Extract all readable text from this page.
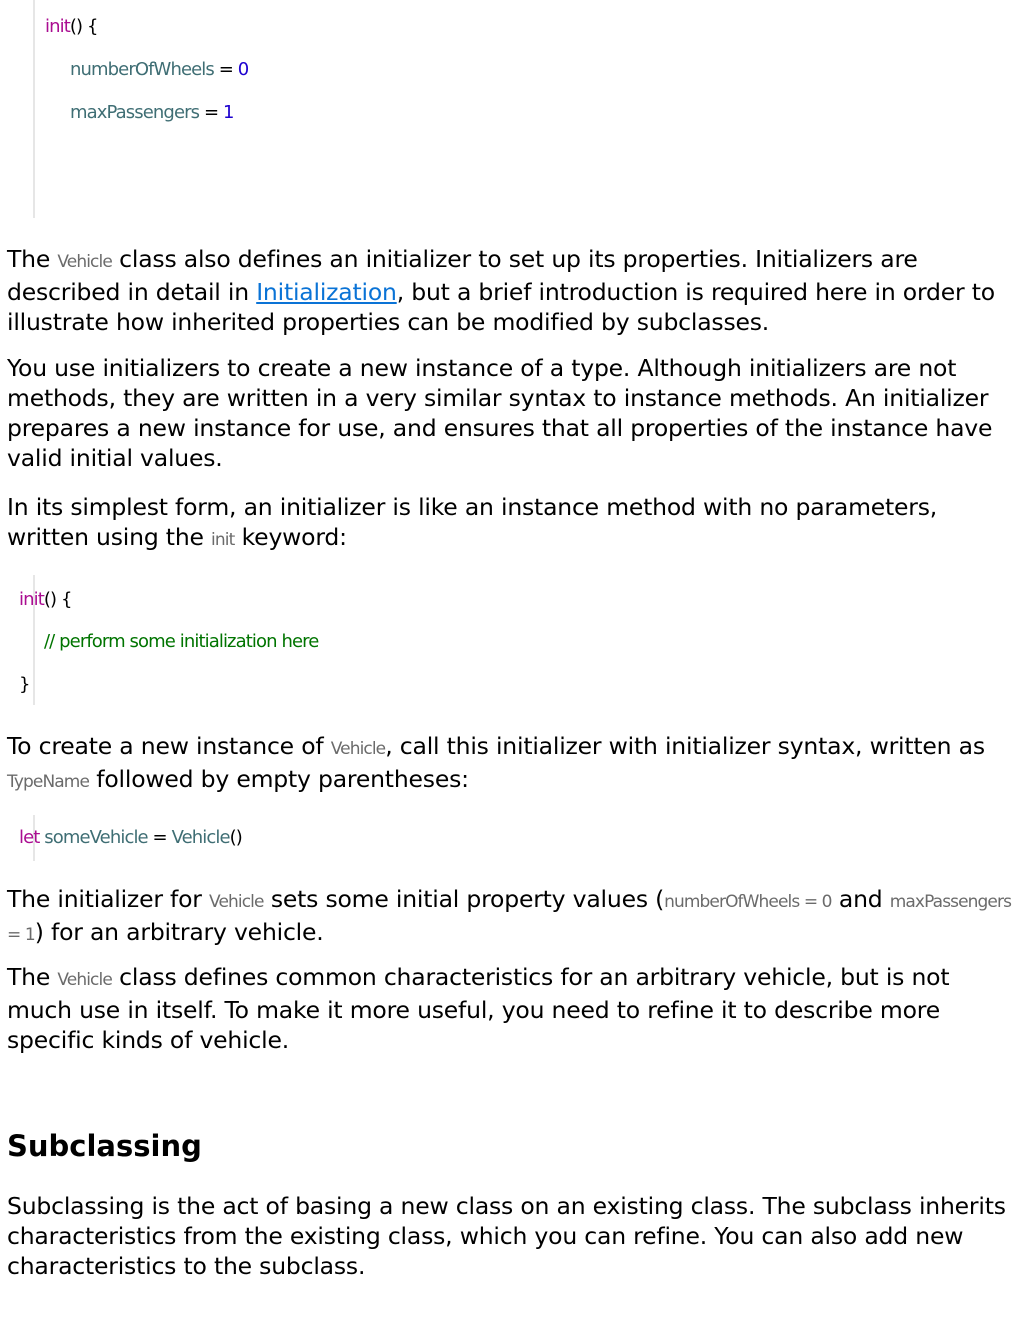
init() {
numberOfWheels = 0
maxPassengers = 1

The Vehicle class also defines an initializer to set up its properties. Initializers are described in detail in Initialization, but a brief introduction is required here in order to illustrate how inherited properties can be modified by subclasses.

You use initializers to create a new instance of a type. Although initializers are not methods, they are written in a very similar syntax to instance methods. An initializer prepares a new instance for use, and ensures that all properties of the instance have valid initial values.

In its simplest form, an initializer is like an instance method with no parameters, written using the init keyword:

init() {
// perform some initialization here
}

To create a new instance of Vehicle, call this initializer with initializer syntax, written as TypeName followed by empty parentheses:

let someVehicle = Vehicle()

The initializer for Vehicle sets some initial property values (numberOfWheels = 0 and maxPassengers = 1) for an arbitrary vehicle.

The Vehicle class defines common characteristics for an arbitrary vehicle, but is not much use in itself. To make it more useful, you need to refine it to describe more specific kinds of vehicle.

Subclassing

Subclassing is the act of basing a new class on an existing class. The subclass inherits characteristics from the existing class, which you can refine. You can also add new characteristics to the subclass.
